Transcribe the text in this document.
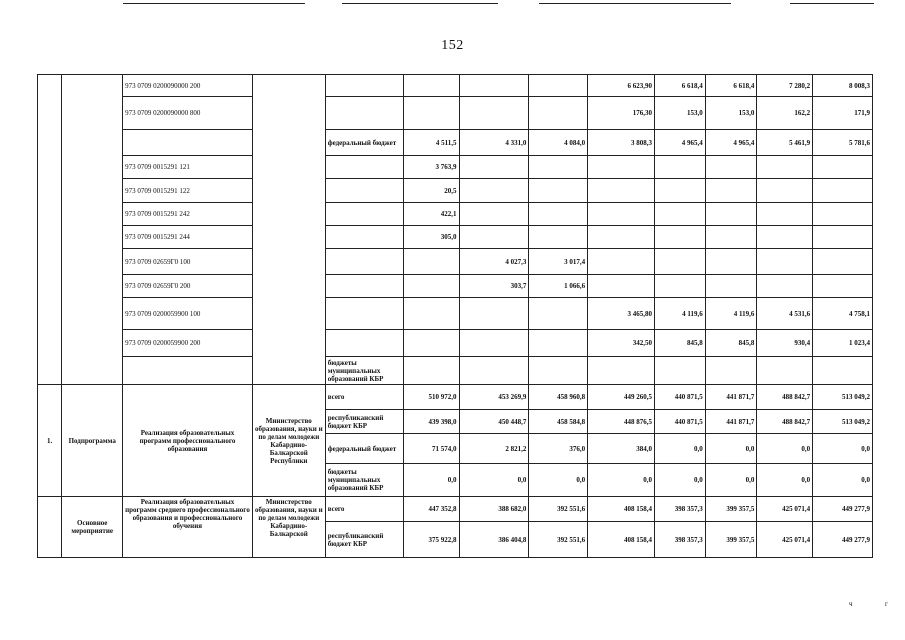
152
		973 0709 0200090000 200						6 623,90	6 618,4	6 618,4	7 280,2	8 008,3
		973 0709 0200090000 800						176,30	153,0	153,0	162,2	171,9
				федеральный бюджет	4 511,5	4 331,0	4 084,0	3 808,3	4 965,4	4 965,4	5 461,9	5 781,6
		973 0709 0015291 121			3 763,9							
		973 0709 0015291 122			20,5							
		973 0709 0015291 242			422,1							
		973 0709 0015291 244			305,0							
		973 0709 02659Г0 100				4 027,3	3 017,4					
		973 0709 02659Г0 200				303,7	1 066,6					
		973 0709 0200059900 100						3 465,80	4 119,6	4 119,6	4 531,6	4 758,1
		973 0709 0200059900 200						342,50	845,8	845,8	930,4	1 023,4
				бюджеты муниципальных образований КБР								
1.	Подпрограмма	Реализация образовательных программ профессионального образования	Министерство образования, науки и по делам молодежи Кабардино-Балкарской Республики	всего	510 972,0	453 269,9	458 960,8	449 260,5	440 871,5	441 871,7	488 842,7	513 049,2
				республиканский бюджет КБР	439 398,0	450 448,7	458 584,8	448 876,5	440 871,5	441 871,7	488 842,7	513 049,2
				федеральный бюджет	71 574,0	2 821,2	376,0	384,0	0,0	0,0	0,0	0,0
				бюджеты муниципальных образований КБР	0,0	0,0	0,0	0,0	0,0	0,0	0,0	0,0
	Основное мероприятие	Реализация образовательных программ среднего профессионального образования и профессионального обучения	Министерство образования, науки и по делам молодежи Кабардино-Балкарской	всего	447 352,8	388 682,0	392 551,6	408 158,4	398 357,3	399 357,5	425 071,4	449 277,9
				республиканский бюджет КБР	375 922,8	386 404,8	392 551,6	408 158,4	398 357,3	399 357,5	425 071,4	449 277,9
ч	г
